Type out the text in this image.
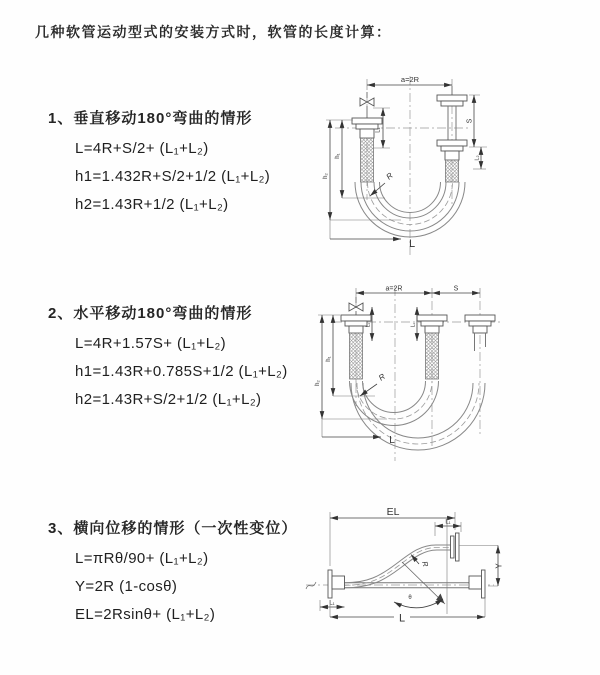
几种软管运动型式的安装方式时，软管的长度计算：
1、垂直移动180°弯曲的情形
L=4R+S/2+ (L₁+L₂)
h1=1.432R+S/2+1/2 (L₁+L₂)
h2=1.43R+1/2 (L₁+L₂)
2、水平移动180°弯曲的情形
L=4R+1.57S+ (L₁+L₂)
h1=1.43R+0.785S+1/2 (L₁+L₂)
h2=1.43R+S/2+1/2 (L₁+L₂)
3、横向位移的情形（一次性变位）
L=πRθ/90+ (L₁+L₂)
Y=2R (1-cosθ)
EL=2Rsinθ+ (L₁+L₂)
a=2R
L₁
S
L₂
h₁
h₂
L
R
a=2R	S
L₁	L₁
h₁
h₂
L
R
EL
L₁
Y
R
θ
L₁
L
